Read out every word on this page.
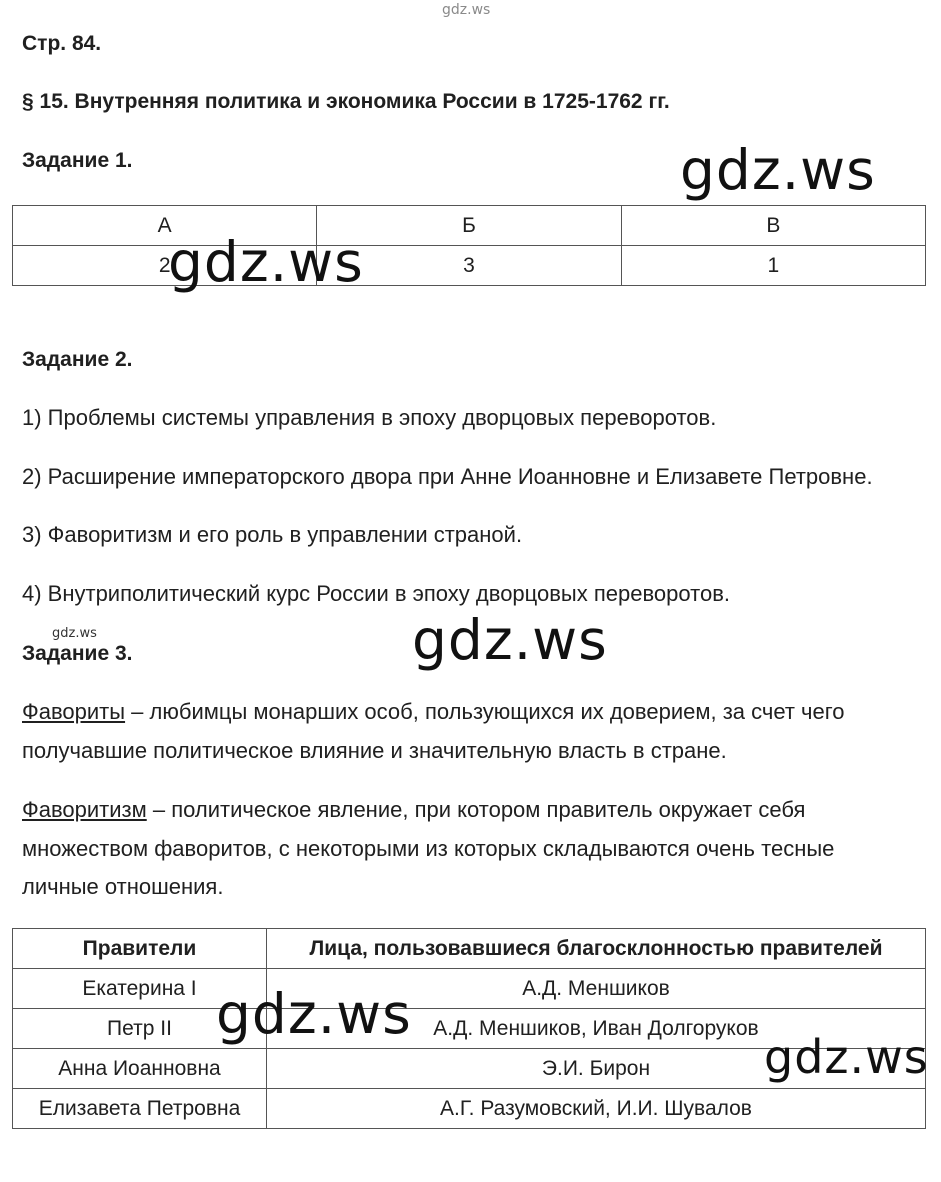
gdz.ws
Стр. 84.
§ 15. Внутренняя политика и экономика России в 1725-1762 гг.
Задание 1.	gdz.ws
А	Б	В
2	3	1
gdz.ws
Задание 2.
1) Проблемы системы управления в эпоху дворцовых переворотов.
2) Расширение императорского двора при Анне Иоанновне и Елизавете Петровне.
3) Фаворитизм и его роль в управлении страной.
4) Внутриполитический курс России в эпоху дворцовых переворотов.
gdz.ws
Задание 3.	gdz.ws
Фавориты – любимцы монарших особ, пользующихся их доверием, за счет чего
получавшие политическое влияние и значительную власть в стране.
Фаворитизм – политическое явление, при котором правитель окружает себя
множеством фаворитов, с некоторыми из которых складываются очень тесные
личные отношения.
Правители	Лица, пользовавшиеся благосклонностью правителей
Екатерина I	А.Д. Меншиков
Петр II	А.Д. Меншиков, Иван Долгоруков
Анна Иоанновна	Э.И. Бирон
Елизавета Петровна	А.Г. Разумовский, И.И. Шувалов
gdz.ws
gdz.ws
